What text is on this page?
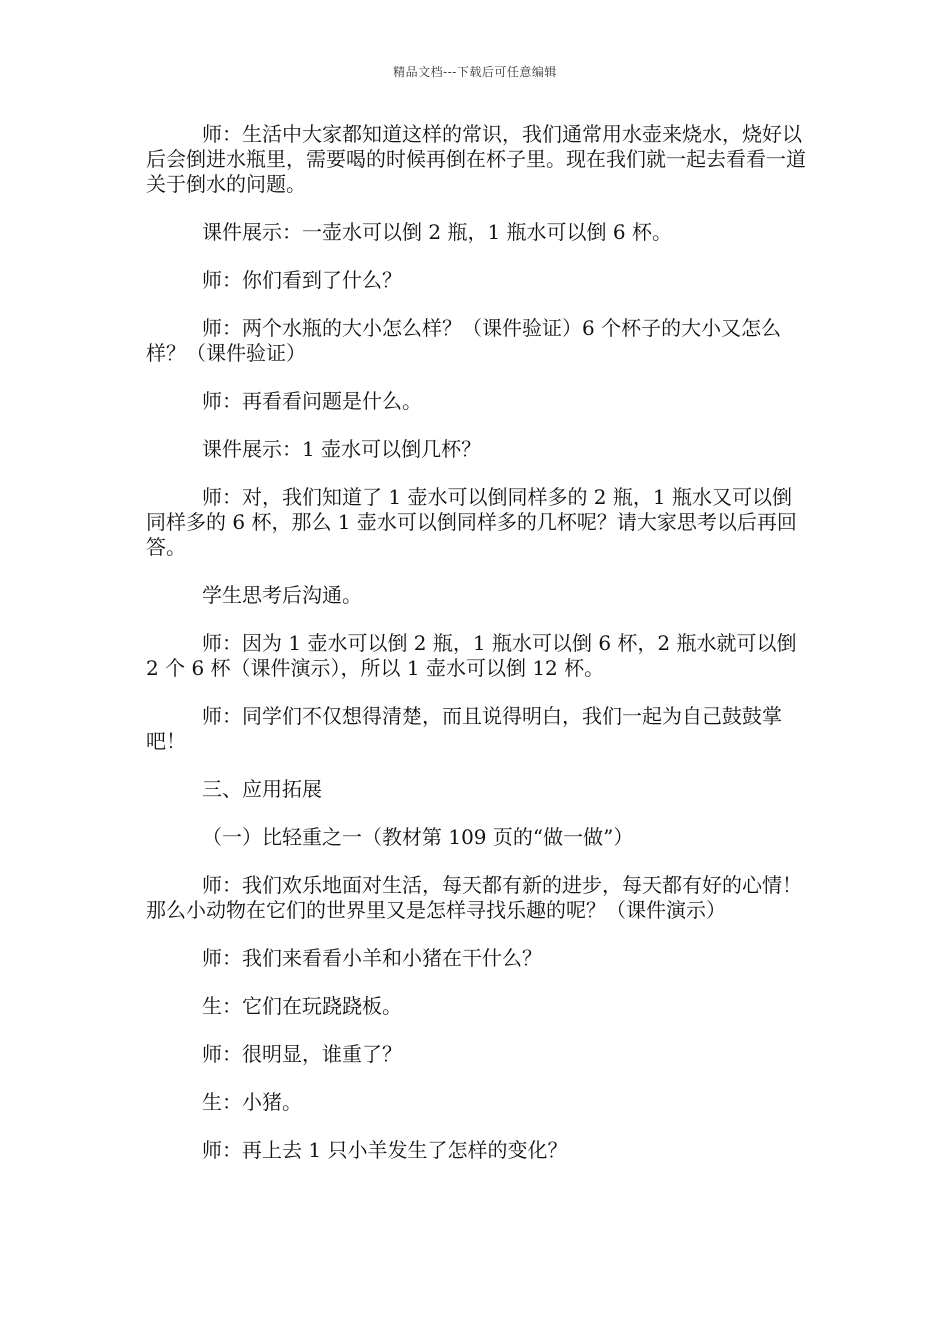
精品文档---下载后可任意编辑

师：生活中大家都知道这样的常识，我们通常用水壶来烧水，烧好以后会倒进水瓶里，需要喝的时候再倒在杯子里。现在我们就一起去看看一道关于倒水的问题。

课件展示：一壶水可以倒 2 瓶，1 瓶水可以倒 6 杯。

师：你们看到了什么？

师：两个水瓶的大小怎么样？（课件验证）6 个杯子的大小又怎么样？（课件验证）

师：再看看问题是什么。

课件展示：1 壶水可以倒几杯？

师：对，我们知道了 1 壶水可以倒同样多的 2 瓶，1 瓶水又可以倒同样多的 6 杯，那么 1 壶水可以倒同样多的几杯呢？请大家思考以后再回答。

学生思考后沟通。

师：因为 1 壶水可以倒 2 瓶，1 瓶水可以倒 6 杯，2 瓶水就可以倒 2 个 6 杯（课件演示），所以 1 壶水可以倒 12 杯。

师：同学们不仅想得清楚，而且说得明白，我们一起为自己鼓鼓掌吧！

三、应用拓展

（一）比轻重之一（教材第 109 页的“做一做”）

师：我们欢乐地面对生活，每天都有新的进步，每天都有好的心情！那么小动物在它们的世界里又是怎样寻找乐趣的呢？（课件演示）

师：我们来看看小羊和小猪在干什么？

生：它们在玩跷跷板。

师：很明显，谁重了？

生：小猪。

师：再上去 1 只小羊发生了怎样的变化？
